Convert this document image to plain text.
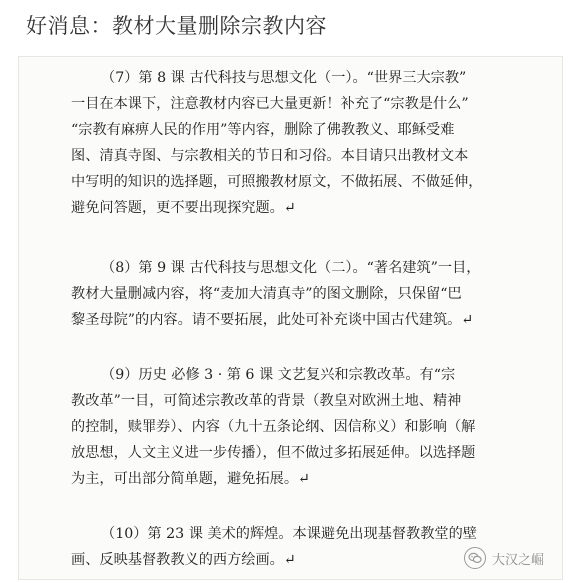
好消息：教材大量删除宗教内容
（7）第 8 课 古代科技与思想文化（一）。“世界三大宗教”
一目在本课下，注意教材内容已大量更新！补充了“宗教是什么”
“宗教有麻痹人民的作用”等内容，删除了佛教教义、耶稣受难
图、清真寺图、与宗教相关的节日和习俗。本目请只出教材文本
中写明的知识的选择题，可照搬教材原文，不做拓展、不做延伸，
避免问答题，更不要出现探究题。↵
（8）第 9 课 古代科技与思想文化（二）。“著名建筑”一目，
教材大量删减内容，将“麦加大清真寺”的图文删除，只保留“巴
黎圣母院”的内容。请不要拓展，此处可补充谈中国古代建筑。↵
（9）历史 必修 3 · 第 6 课 文艺复兴和宗教改革。有“宗
教改革”一目，可简述宗教改革的背景（教皇对欧洲土地、精神
的控制，赎罪券）、内容（九十五条论纲、因信称义）和影响（解
放思想，人文主义进一步传播），但不做过多拓展延伸。以选择题
为主，可出部分简单题，避免拓展。↵
（10）第 23 课 美术的辉煌。本课避免出现基督教教堂的壁
画、反映基督教教义的西方绘画。↵	大汉之崛
